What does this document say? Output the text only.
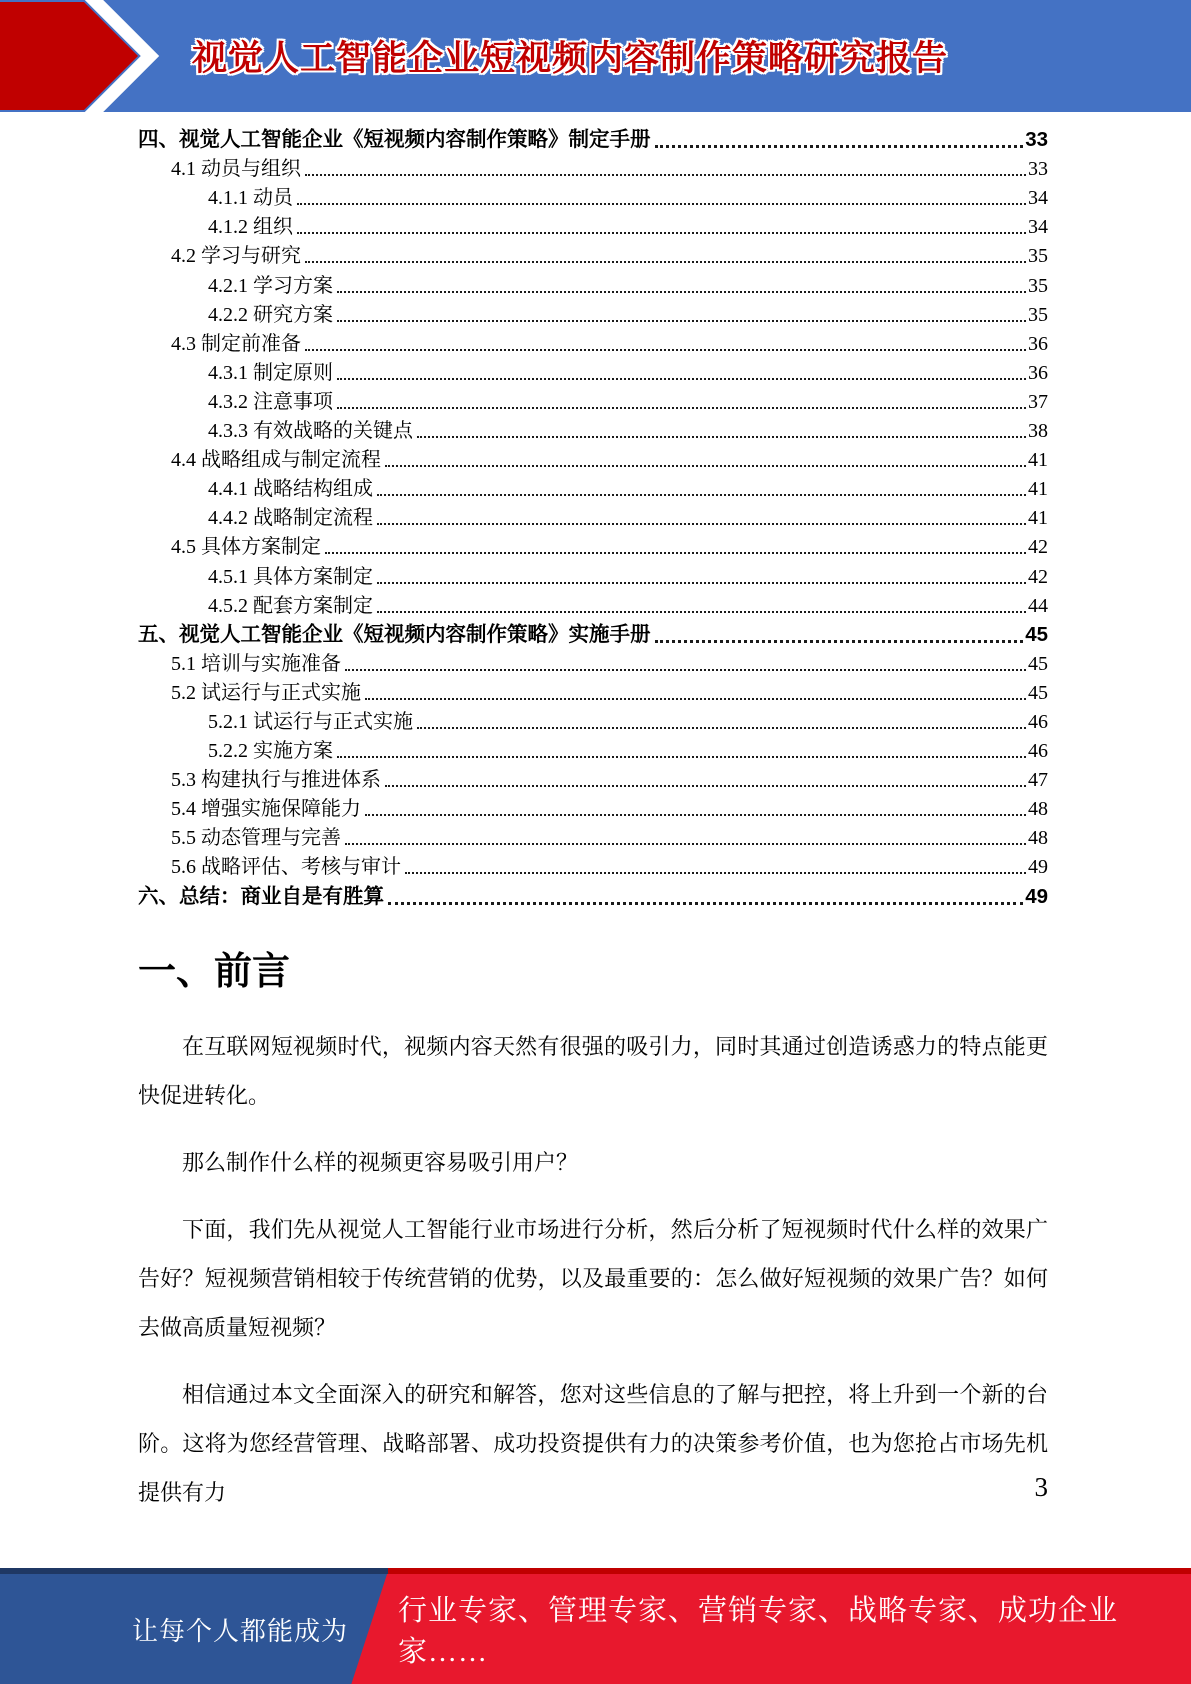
视觉人工智能企业短视频内容制作策略研究报告
四、视觉人工智能企业《短视频内容制作策略》制定手册	33
4.1 动员与组织	33
4.1.1 动员	34
4.1.2 组织	34
4.2 学习与研究	35
4.2.1 学习方案	35
4.2.2 研究方案	35
4.3 制定前准备	36
4.3.1 制定原则	36
4.3.2 注意事项	37
4.3.3 有效战略的关键点	38
4.4 战略组成与制定流程	41
4.4.1 战略结构组成	41
4.4.2 战略制定流程	41
4.5 具体方案制定	42
4.5.1 具体方案制定	42
4.5.2 配套方案制定	44
五、视觉人工智能企业《短视频内容制作策略》实施手册	45
5.1 培训与实施准备	45
5.2 试运行与正式实施	45
5.2.1 试运行与正式实施	46
5.2.2 实施方案	46
5.3 构建执行与推进体系	47
5.4 增强实施保障能力	48
5.5 动态管理与完善	48
5.6 战略评估、考核与审计	49
六、总结：商业自是有胜算	49
一、前言

在互联网短视频时代，视频内容天然有很强的吸引力，同时其通过创造诱惑力的特点能更快促进转化。

那么制作什么样的视频更容易吸引用户？

下面，我们先从视觉人工智能行业市场进行分析，然后分析了短视频时代什么样的效果广告好？短视频营销相较于传统营销的优势，以及最重要的：怎么做好短视频的效果广告？如何去做高质量短视频？

相信通过本文全面深入的研究和解答，您对这些信息的了解与把控，将上升到一个新的台阶。这将为您经营管理、战略部署、成功投资提供有力的决策参考价值，也为您抢占市场先机提供有力	3
让每个人都能成为
行业专家、管理专家、营销专家、战略专家、成功企业家……
